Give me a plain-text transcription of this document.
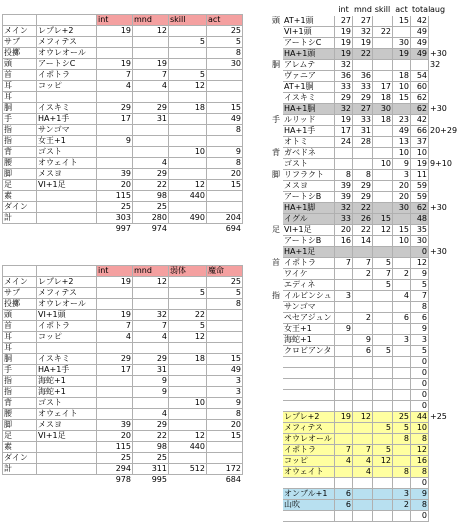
		int	mnd	skill	act
メイン	レプレ+2	19	12		25
サブ	メフィテス			5	5
投擲	オウレオール				8
頭	アートシC	19	19		30
首	イポトラ	7	7	5	
耳	コッピ	4	4	12	
耳					
胴	イスキミ	29	29	18	15
手	HA+1手	17	31		49
指	サンゴマ				8
指	女王+1	9			
背	ゴスト			10	9
腰	オウェイト		4		8
脚	メスヨ	39	29		20
足	VI+1足	20	22	12	15
素		115	98	440	
ダイン		25	25		
計		303	280	490	204
		997	974		694
		int	mnd	弱体	魔命
メイン	レプレ+2	19	12		25
サブ	メフィテス			5	5
投擲	オウレオール				8
頭	VI+1頭	19	32	22	
首	イポトラ	7	7	5	
耳	コッピ	4	4	12	
耳					
胴	イスキミ	29	29	18	15
手	HA+1手	17	31		49
指	海蛇+1		9		3
指	海蛇+1		9		3
背	ゴスト			10	9
腰	オウェイト		4		8
脚	メスヨ	39	29		20
足	VI+1足	20	22	12	15
素		115	98	440	
ダイン		25	25		
計		294	311	512	172
		978	995		684
		int	mnd	skill	act	total	aug
頭	AT+1頭	27	27		15	42	
	VI+1頭	19	32	22		49	
	アートシC	19	19		30	49	
	HA+1頭	19	22		19	49	+30
胴	アレムテ	32					32
	ヴァニア	36	36		18	54	
	AT+1胴	33	33	17	10	60	
	イスキミ	29	29	18	15	62	
	HA+1胴	32	27	30		62	+30
手	ルリッド	19	33	18	23	42	
	HA+1手	17	31		49	66	20+29
	オトミ	24	28		13	37	
背	ガベドネ				10	10	
	ゴスト			10	9	19	9+10
脚	リフラクト	8	8		3	11	
	メスヨ	39	29		20	59	
	アートシB	39	29		20	59	
	HA+1脚	32	22		30	62	+30
	イグル	33	26	15		48	
足	VI+1足	20	22	12	15	35	
	アートシB	16	14		10	30	
	HA+1足					0	+30
首	イポトラ	7	7	5		12	
	ワイケ		2	7	2	9	
	エディネ			5		5	
指	イルビンシュ	3			4	7	
	サンゴマ					8	
	ペセアジュン		2		6	6	
	女王+1	9				9	
	海蛇+1		9		3	3	
	クロビアンタ		6	5		5	
						0	
						0	
						0	
						0	
						0	
	レプレ+2	19	12		25	44	+25
	メフィテス			5	5	10	
	オウレオール				8	8	
	イポトラ	7	7	5		12	
	コッピ	4	4	12		16	
	オウェイト		4		8	8	
						0	
	オンブル+1	6			3	9	
	山吹	6			2	8	
						0	
